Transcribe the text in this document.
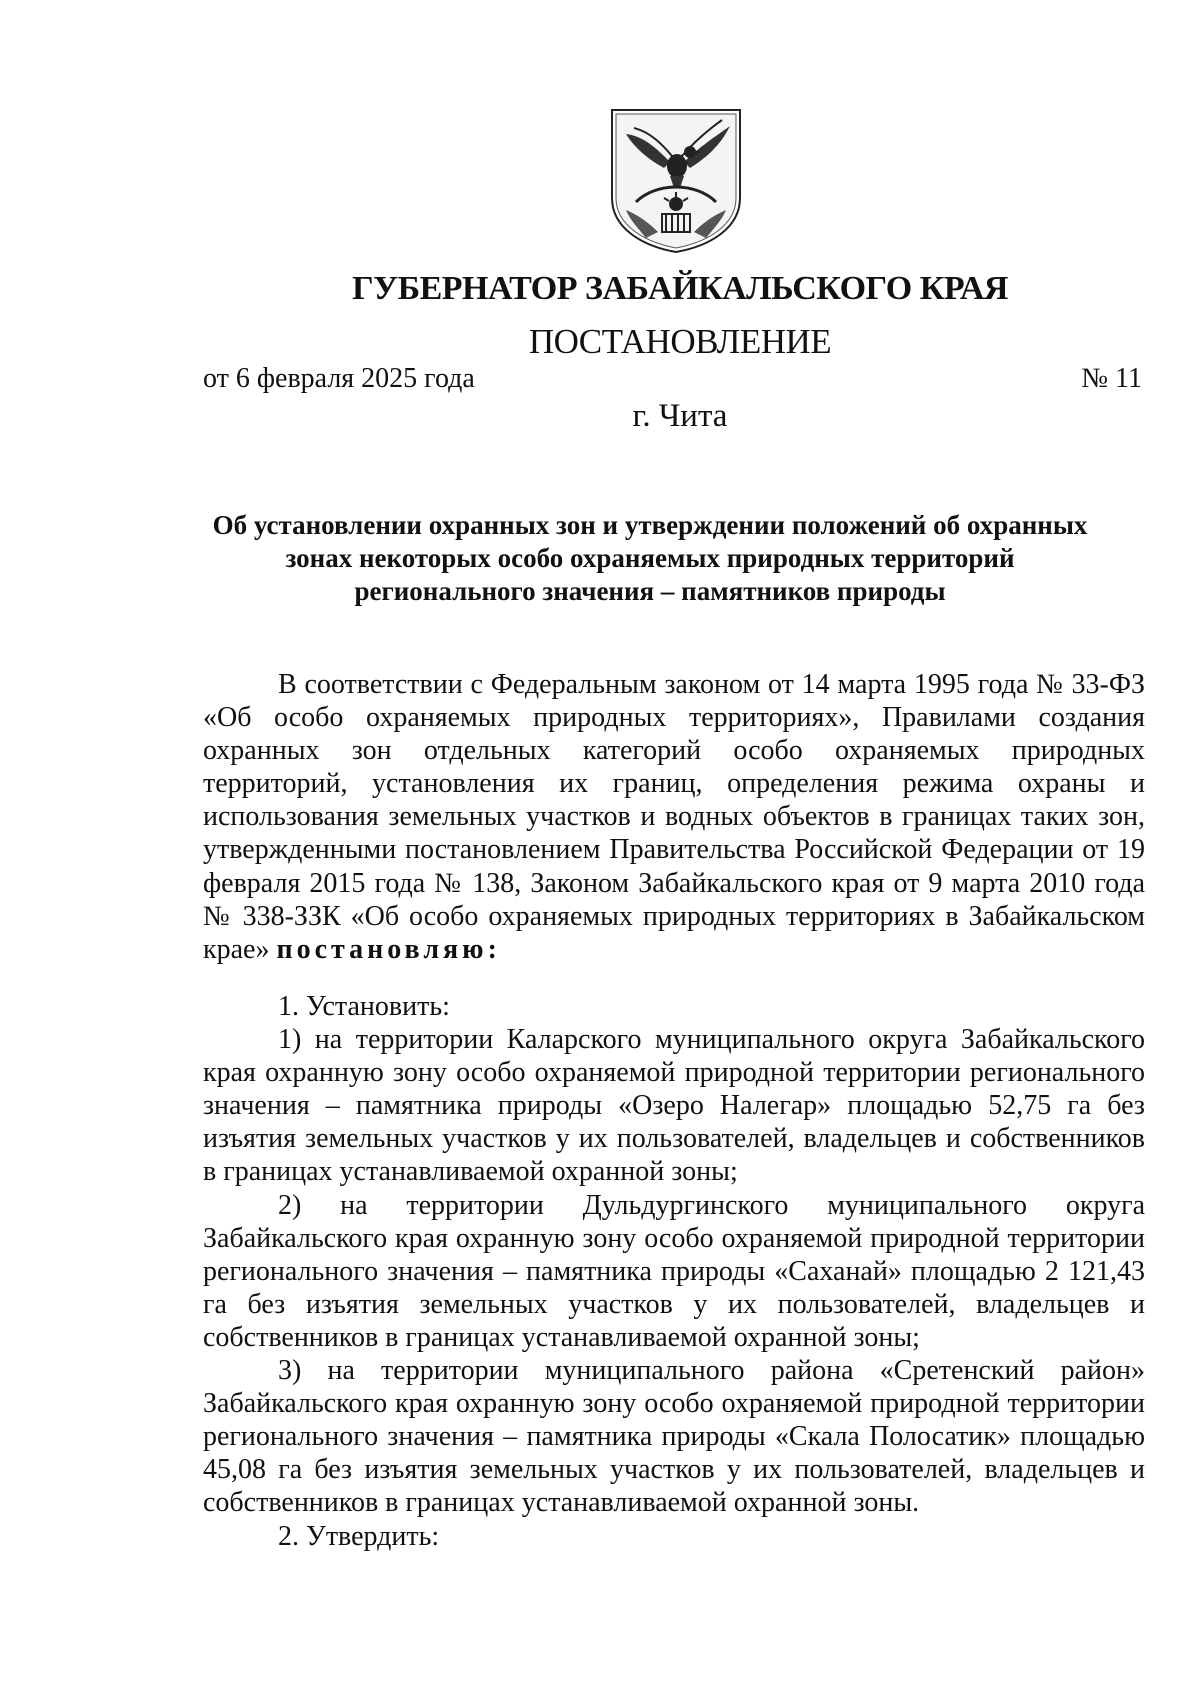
ГУБЕРНАТОР ЗАБАЙКАЛЬСКОГО КРАЯ
ПОСТАНОВЛЕНИЕ
от 6 февраля 2025 года	№ 11
г. Чита
Об установлении охранных зон и утверждении положений об охранных
зонах некоторых особо охраняемых природных территорий
регионального значения – памятников природы

В соответствии с Федеральным законом от 14 марта 1995 года № 33-ФЗ «Об особо охраняемых природных территориях», Правилами создания охранных зон отдельных категорий особо охраняемых природных территорий, установления их границ, определения режима охраны и использования земельных участков и водных объектов в границах таких зон, утвержденными постановлением Правительства Российской Федерации от 19 февраля 2015 года № 138, Законом Забайкальского края от 9 марта 2010 года № 338-ЗЗК «Об особо охраняемых природных территориях в Забайкальском крае» постановляю:

1. Установить:

1) на территории Каларского муниципального округа Забайкальского края охранную зону особо охраняемой природной территории регионального значения – памятника природы «Озеро Налегар» площадью 52,75 га без изъятия земельных участков у их пользователей, владельцев и собственников в границах устанавливаемой охранной зоны;

2) на территории Дульдургинского муниципального округа Забайкальского края охранную зону особо охраняемой природной территории регионального значения – памятника природы «Саханай» площадью 2 121,43 га без изъятия земельных участков у их пользователей, владельцев и собственников в границах устанавливаемой охранной зоны;

3) на территории муниципального района «Сретенский район» Забайкальского края охранную зону особо охраняемой природной территории регионального значения – памятника природы «Скала Полосатик» площадью 45,08 га без изъятия земельных участков у их пользователей, владельцев и собственников в границах устанавливаемой охранной зоны.

2. Утвердить:
